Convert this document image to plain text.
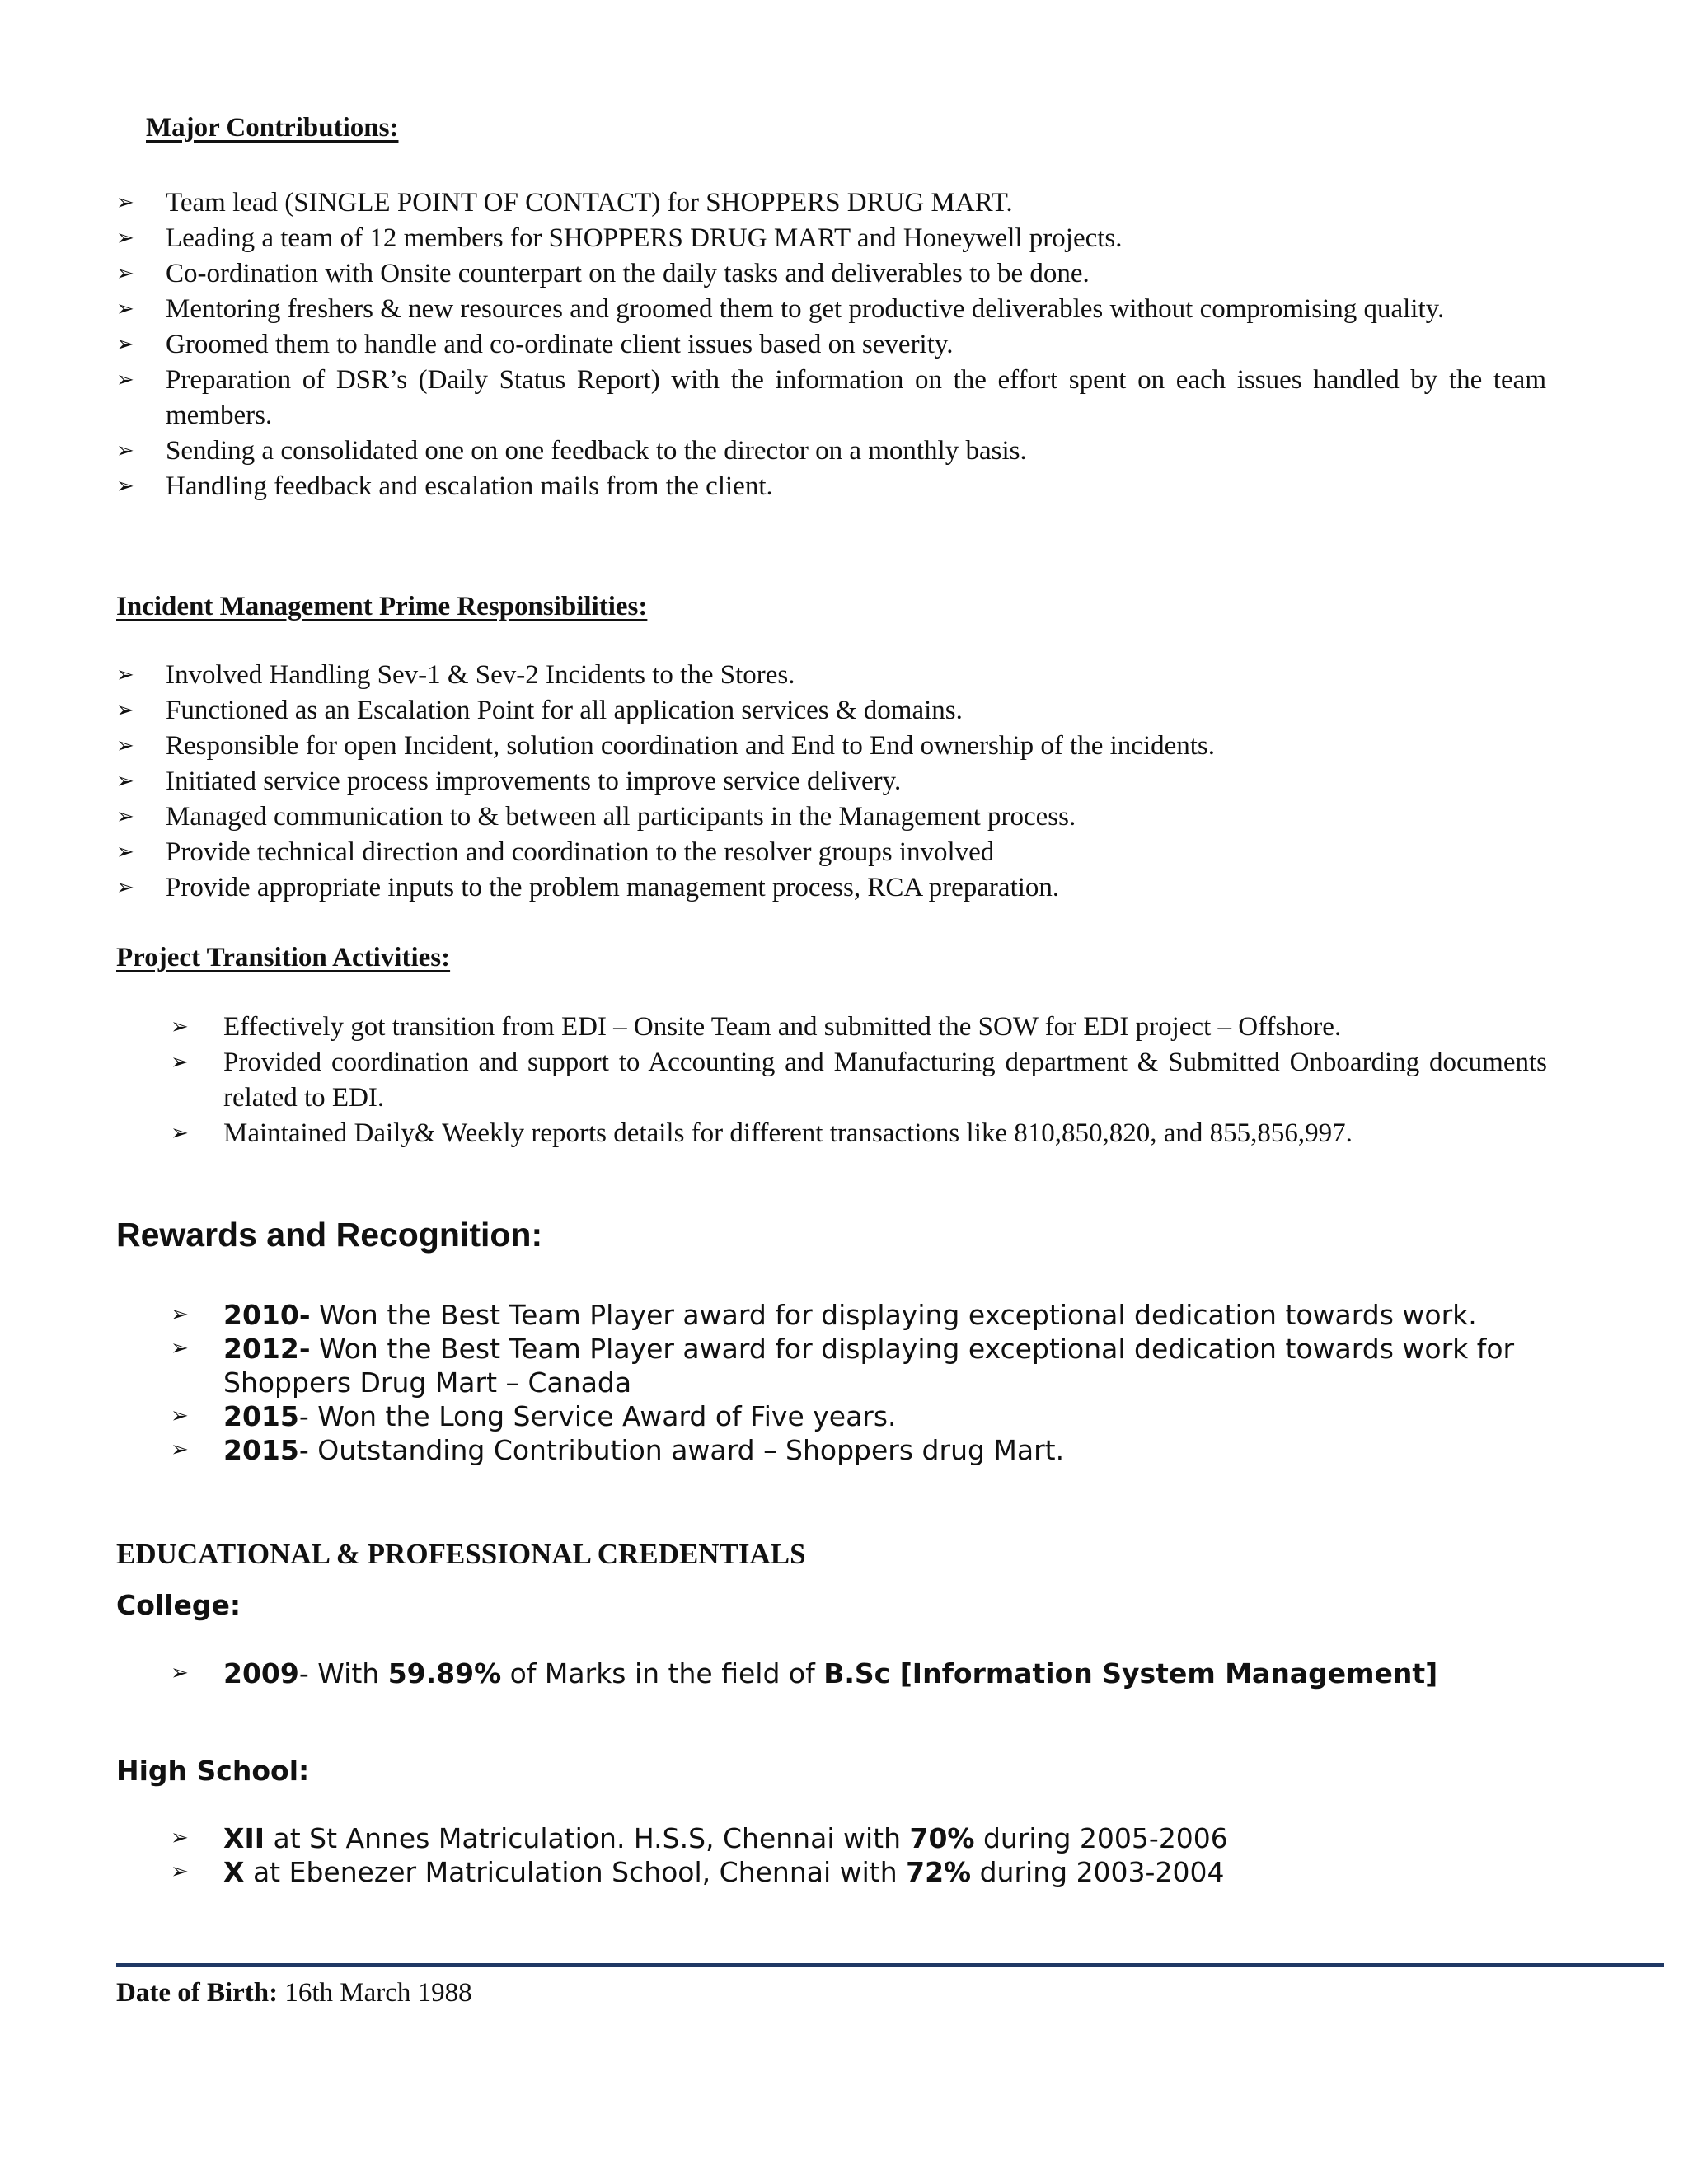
Major Contributions:
➢
Team lead (SINGLE POINT OF CONTACT) for SHOPPERS DRUG MART.
➢
Leading a team of 12 members for SHOPPERS DRUG MART and Honeywell projects.
➢
Co-ordination with Onsite counterpart on the daily tasks and deliverables to be done.
➢
Mentoring freshers & new resources and groomed them to get productive deliverables without compromising quality.
➢
Groomed them to handle and co-ordinate client issues based on severity.
➢
Preparation of DSR’s (Daily Status Report) with the information on the effort spent on each issues handled by the team members.
➢
Sending a consolidated one on one feedback to the director on a monthly basis.
➢
Handling feedback and escalation mails from the client.
Incident Management Prime Responsibilities:
➢
Involved Handling Sev-1 & Sev-2 Incidents to the Stores.
➢
Functioned as an Escalation Point for all application services & domains.
➢
Responsible for open Incident, solution coordination and End to End ownership of the incidents.
➢
Initiated service process improvements to improve service delivery.
➢
Managed communication to & between all participants in the Management process.
➢
Provide technical direction and coordination to the resolver groups involved
➢
Provide appropriate inputs to the problem management process, RCA preparation.
Project Transition Activities:
➢
Effectively got transition from EDI – Onsite Team and submitted the SOW for EDI project – Offshore.
➢
Provided coordination and support to Accounting and Manufacturing department & Submitted Onboarding documents related to EDI.
➢
Maintained Daily& Weekly reports details for different transactions like 810,850,820, and 855,856,997.
Rewards and Recognition:
➢
2010- Won the Best Team Player award for displaying exceptional dedication towards work.
➢
2012- Won the Best Team Player award for displaying exceptional dedication towards work for Shoppers Drug Mart – Canada
➢
2015- Won the Long Service Award of Five years.
➢
2015- Outstanding Contribution award – Shoppers drug Mart.
EDUCATIONAL & PROFESSIONAL CREDENTIALS
College:
➢
2009- With 59.89% of Marks in the field of B.Sc [Information System Management]
High School:
➢
XII at St Annes Matriculation. H.S.S, Chennai with 70% during 2005-2006
➢
X at Ebenezer Matriculation School, Chennai with 72% during 2003-2004

Date of Birth: 16th March 1988
